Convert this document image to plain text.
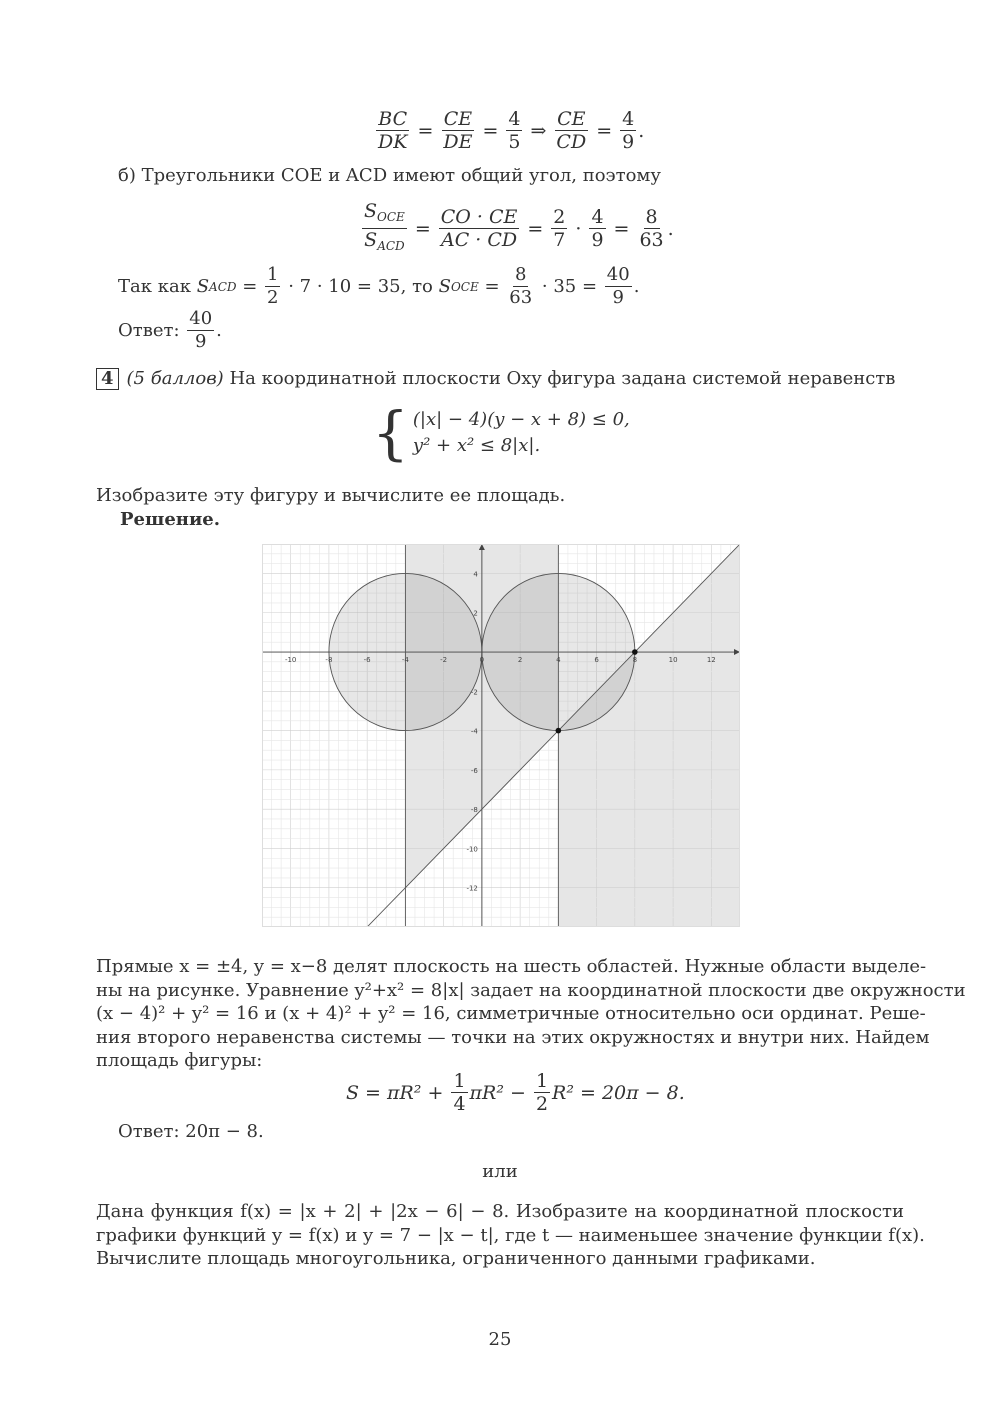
$\frac{BC}{DK} = \frac{CE}{DE} = \frac{4}{5}$ ⇒ $\frac{CE}{CD} = \frac{4}{9}$ .
б) Треугольники COE и ACD имеют общий угол, поэтому
$\frac{S_{OCE}}{S_{ACD}} = \frac{CO \cdot CE}{AC \cdot CD} = \frac{2}{7} \cdot \frac{4}{9} = \frac{8}{63}$ .
Так как
S ACD = $\frac{1}{2}$
· 7 · 10 = 35,
то
S OCE = $\frac{8}{63}$
· 35 =
$\frac{40}{9}$ .
Ответ:
$\frac{40}{9}$ .
4 (5 баллов) На координатной плоскости Oxy фигура задана системой неравенств
{ (|x| − 4)(y − x + 8) ≤ 0,
y² + x² ≤ 8|x|.
Изобразите эту фигуру и вычислите ее площадь.
Решение.
-10	-8	-6	-4	-2	0	2	4	6	8	10	12
4
2
-2
-4
-6
-8
-10
-12
Прямые x = ±4, y = x−8 делят плоскость на шесть областей. Нужные области выделе-
ны на рисунке. Уравнение y²+x² = 8|x| задает на координатной плоскости две окружности
(x − 4)² + y² = 16 и (x + 4)² + y² = 16, симметричные относительно оси ординат. Реше-
ния второго неравенства системы — точки на этих окружностях и внутри них. Найдем
площадь фигуры:
S = πR² +
$\frac{1}{4} \pi R^2$ −
$\frac{1}{2} R^2 = 20\pi - 8$.
Ответ: 20π − 8.
или
Дана функция f(x) = |x + 2| + |2x − 6| − 8. Изобразите на координатной плоскости
графики функций y = f(x) и y = 7 − |x − t|, где t — наименьшее значение функции f(x).
Вычислите площадь многоугольника, ограниченного данными графиками.
25
